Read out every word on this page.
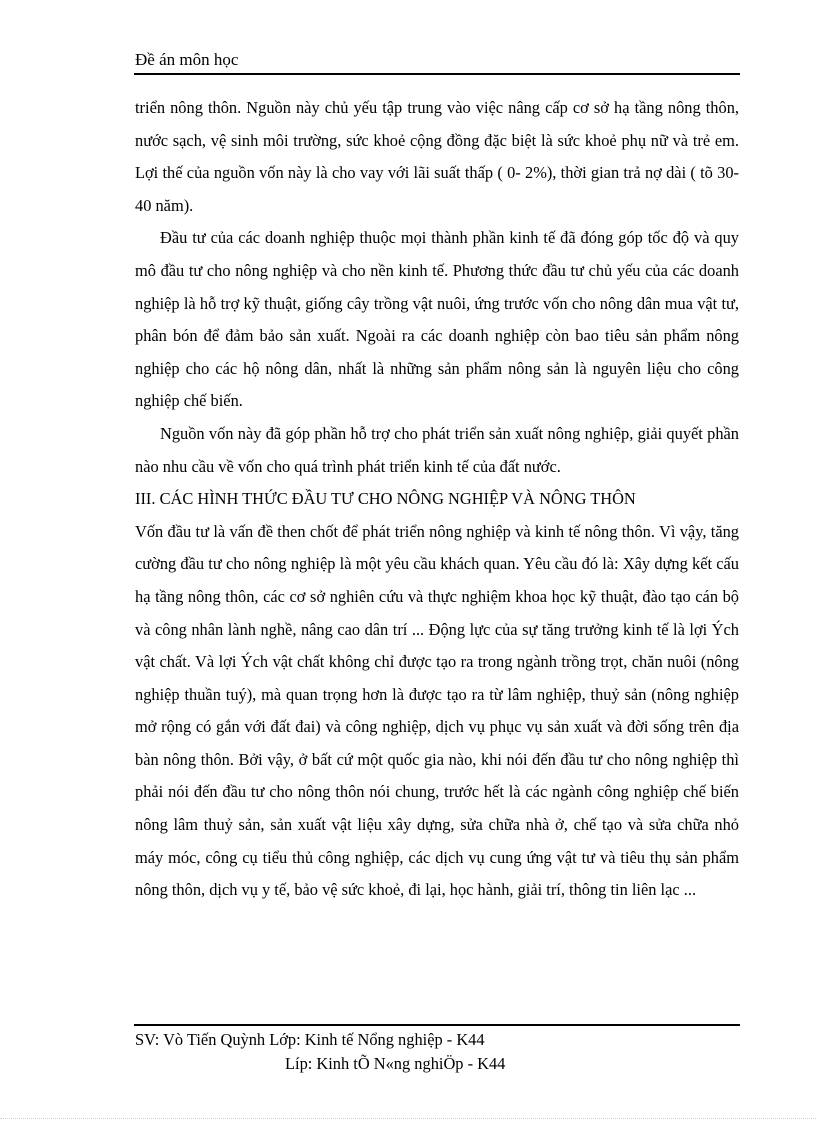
Đề án môn học

triển nông thôn. Nguồn này chủ yếu tập trung vào việc nâng cấp cơ sở hạ tầng nông thôn, nước sạch, vệ sinh môi trường, sức khoẻ cộng đồng đặc biệt là sức khoẻ phụ nữ và trẻ em. Lợi thế của nguồn vốn này là cho vay với lãi suất thấp ( 0- 2%), thời gian trả nợ dài ( tõ 30- 40 năm).

Đầu tư của các doanh nghiệp thuộc mọi thành phần kinh tế đã đóng góp tốc độ và quy mô đầu tư cho nông nghiệp và cho nền kinh tế. Phương thức đầu tư chủ yếu của các doanh nghiệp là hỗ trợ kỹ thuật, giống cây trồng vật nuôi, ứng trước vốn cho nông dân mua vật tư, phân bón để đảm bảo sản xuất. Ngoài ra các doanh nghiệp còn bao tiêu sản phẩm nông nghiệp cho các hộ nông dân, nhất là những sản phẩm nông sản là nguyên liệu cho công nghiệp chế biến.

Nguồn vốn này đã góp phần hỗ trợ cho phát triển sản xuất nông nghiệp, giải quyết phần nào nhu cầu về vốn cho quá trình phát triển kinh tế của đất nước.

III. CÁC HÌNH THỨC ĐẦU TƯ CHO NÔNG NGHIỆP VÀ NÔNG THÔN

Vốn đầu tư là vấn đề then chốt để phát triển nông nghiệp và kinh tế nông thôn. Vì vậy, tăng cường đầu tư cho nông nghiệp là một yêu cầu khách quan. Yêu cầu đó là: Xây dựng kết cấu hạ tầng nông thôn, các cơ sở nghiên cứu và thực nghiệm khoa học kỹ thuật, đào tạo cán bộ và công nhân lành nghề, nâng cao dân trí ... Động lực của sự tăng trưởng kinh tế là lợi Ých vật chất. Và lợi Ých vật chất không chỉ được tạo ra trong ngành trồng trọt, chăn nuôi (nông nghiệp thuần tuý), mà quan trọng hơn là được tạo ra từ lâm nghiệp, thuỷ sản (nông nghiệp mở rộng có gắn với đất đai) và công nghiệp, dịch vụ phục vụ sản xuất và đời sống trên địa bàn nông thôn. Bởi vậy, ở bất cứ một quốc gia nào, khi nói đến đầu tư cho nông nghiệp thì phải nói đến đầu tư cho nông thôn nói chung, trước hết là các ngành công nghiệp chế biến nông lâm thuỷ sản, sản xuất vật liệu xây dựng, sửa chữa nhà ở, chế tạo và sửa chữa nhỏ máy móc, công cụ tiểu thủ công nghiệp, các dịch vụ cung ứng vật tư và tiêu thụ sản phẩm nông thôn, dịch vụ y tế, bảo vệ sức khoẻ, đi lại, học hành, giải trí, thông tin liên lạc ...

SV: Vò Tiến Quỳnh Lớp: Kinh tế Nổng nghiệp - K44
Líp: Kinh tÕ N«ng nghiÖp - K44
